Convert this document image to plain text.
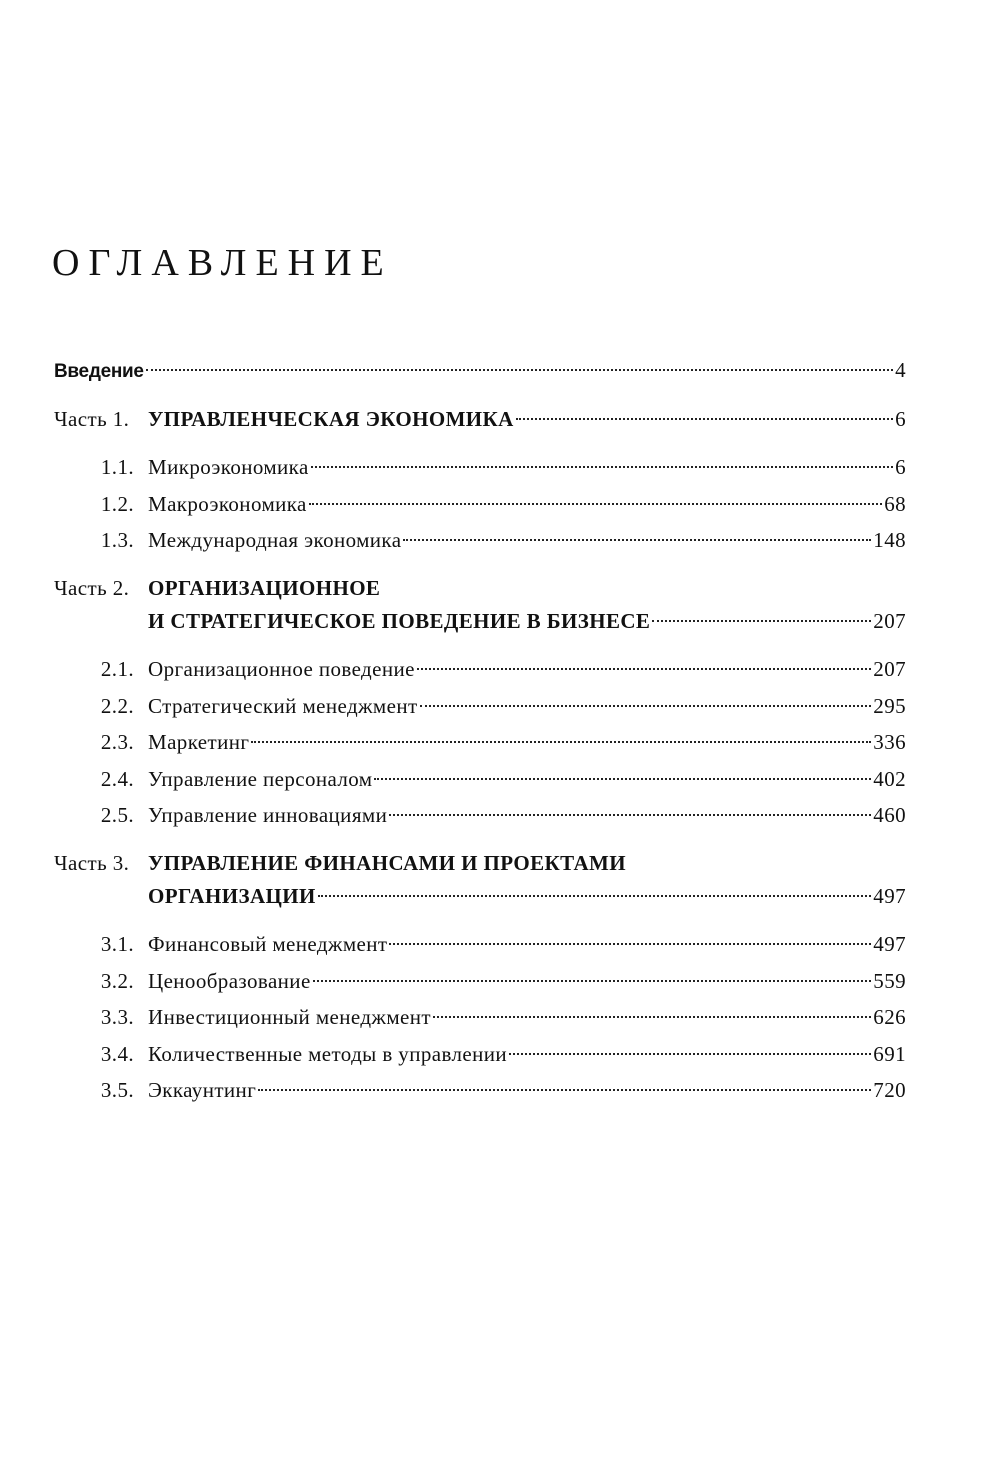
ОГЛАВЛЕНИЕ
Введение	4
Часть 1. УПРАВЛЕНЧЕСКАЯ ЭКОНОМИКА	6
1.1. Микроэкономика	6
1.2. Макроэкономика	68
1.3. Международная экономика	148
Часть 2. ОРГАНИЗАЦИОННОЕ
И СТРАТЕГИЧЕСКОЕ ПОВЕДЕНИЕ В БИЗНЕСЕ	207
2.1. Организационное поведение	207
2.2. Стратегический менеджмент	295
2.3. Маркетинг	336
2.4. Управление персоналом	402
2.5. Управление инновациями	460
Часть 3. УПРАВЛЕНИЕ ФИНАНСАМИ И ПРОЕКТАМИ
ОРГАНИЗАЦИИ	497
3.1. Финансовый менеджмент	497
3.2. Ценообразование	559
3.3. Инвестиционный менеджмент	626
3.4. Количественные методы в управлении	691
3.5. Эккаунтинг	720
